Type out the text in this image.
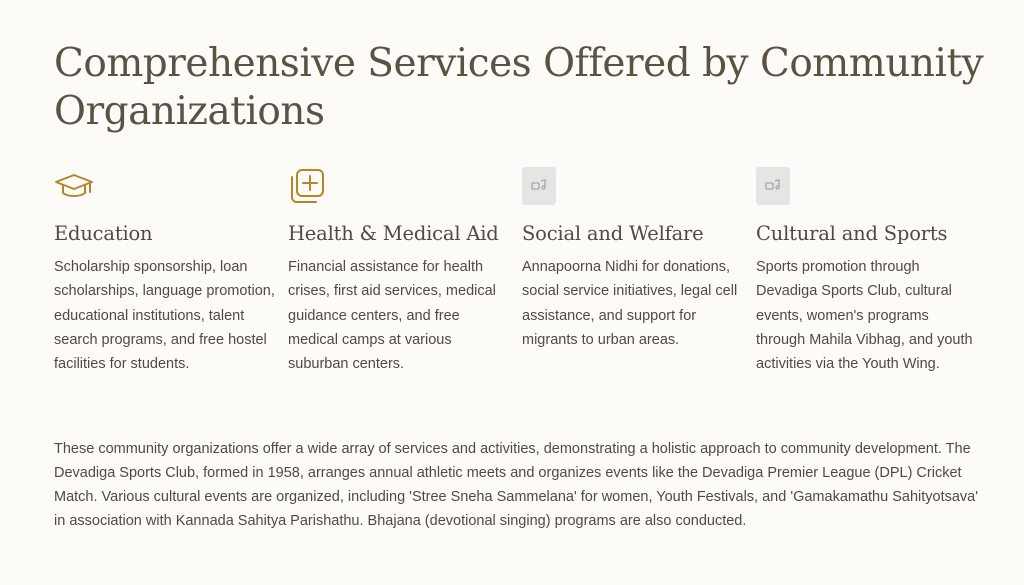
Comprehensive Services Offered by Community Organizations
Education
Scholarship sponsorship, loan scholarships, language promotion, educational institutions, talent search programs, and free hostel facilities for students.
Health & Medical Aid
Financial assistance for health crises, first aid services, medical guidance centers, and free medical camps at various suburban centers.
Social and Welfare
Annapoorna Nidhi for donations, social service initiatives, legal cell assistance, and support for migrants to urban areas.
Cultural and Sports
Sports promotion through Devadiga Sports Club, cultural events, women's programs through Mahila Vibhag, and youth activities via the Youth Wing.

These community organizations offer a wide array of services and activities, demonstrating a holistic approach to community development. The Devadiga Sports Club, formed in 1958, arranges annual athletic meets and organizes events like the Devadiga Premier League (DPL) Cricket Match. Various cultural events are organized, including 'Stree Sneha Sammelana' for women, Youth Festivals, and 'Gamakamathu Sahityotsava' in association with Kannada Sahitya Parishathu. Bhajana (devotional singing) programs are also conducted.
